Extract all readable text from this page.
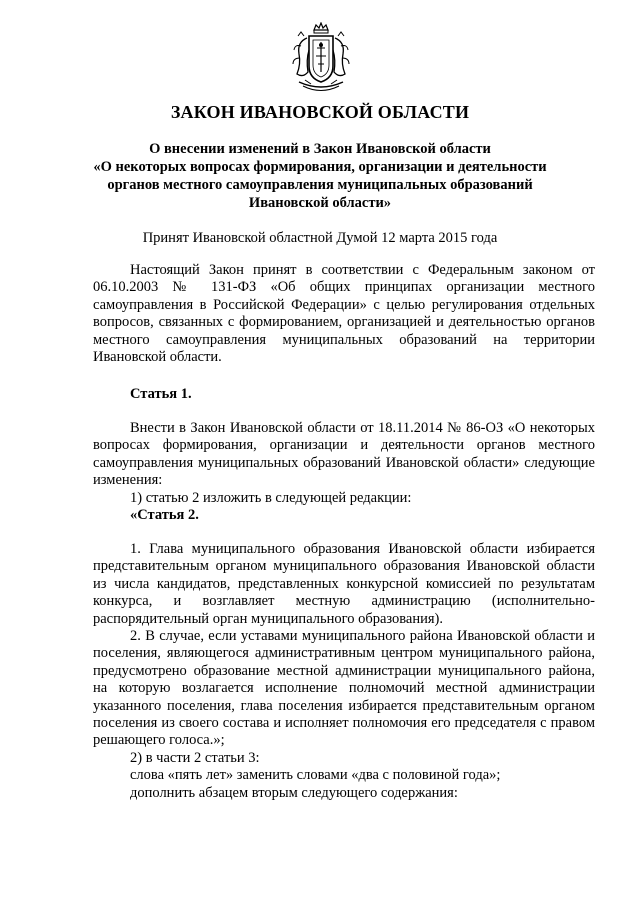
ЗАКОН ИВАНОВСКОЙ ОБЛАСТИ
О внесении изменений в Закон Ивановской области
«О некоторых вопросах формирования, организации и деятельности
органов местного самоуправления муниципальных образований
Ивановской области»
Принят Ивановской областной Думой 12 марта 2015 года

Настоящий Закон принят в соответствии с Федеральным законом от 06.10.2003 № 131-ФЗ «Об общих принципах организации местного самоуправления в Российской Федерации» с целью регулирования отдельных вопросов, связанных с формированием, организацией и деятельностью органов местного самоуправления муниципальных образований на территории Ивановской области.

Статья 1.

Внести в Закон Ивановской области от 18.11.2014 № 86-ОЗ «О некоторых вопросах формирования, организации и деятельности органов местного самоуправления муниципальных образований Ивановской области» следующие изменения:

1) статью 2 изложить в следующей редакции:
«Статья 2.

1. Глава муниципального образования Ивановской области избирается представительным органом муниципального образования Ивановской области из числа кандидатов, представленных конкурсной комиссией по результатам конкурса, и возглавляет местную администрацию (исполнительно-распорядительный орган муниципального образования).

2. В случае, если уставами муниципального района Ивановской области и поселения, являющегося административным центром муниципального района, предусмотрено образование местной администрации муниципального района, на которую возлагается исполнение полномочий местной администрации указанного поселения, глава поселения избирается представительным органом поселения из своего состава и исполняет полномочия его председателя с правом решающего голоса.»;

2) в части 2 статьи 3:
слова «пять лет» заменить словами «два с половиной года»;
дополнить абзацем вторым следующего содержания:
